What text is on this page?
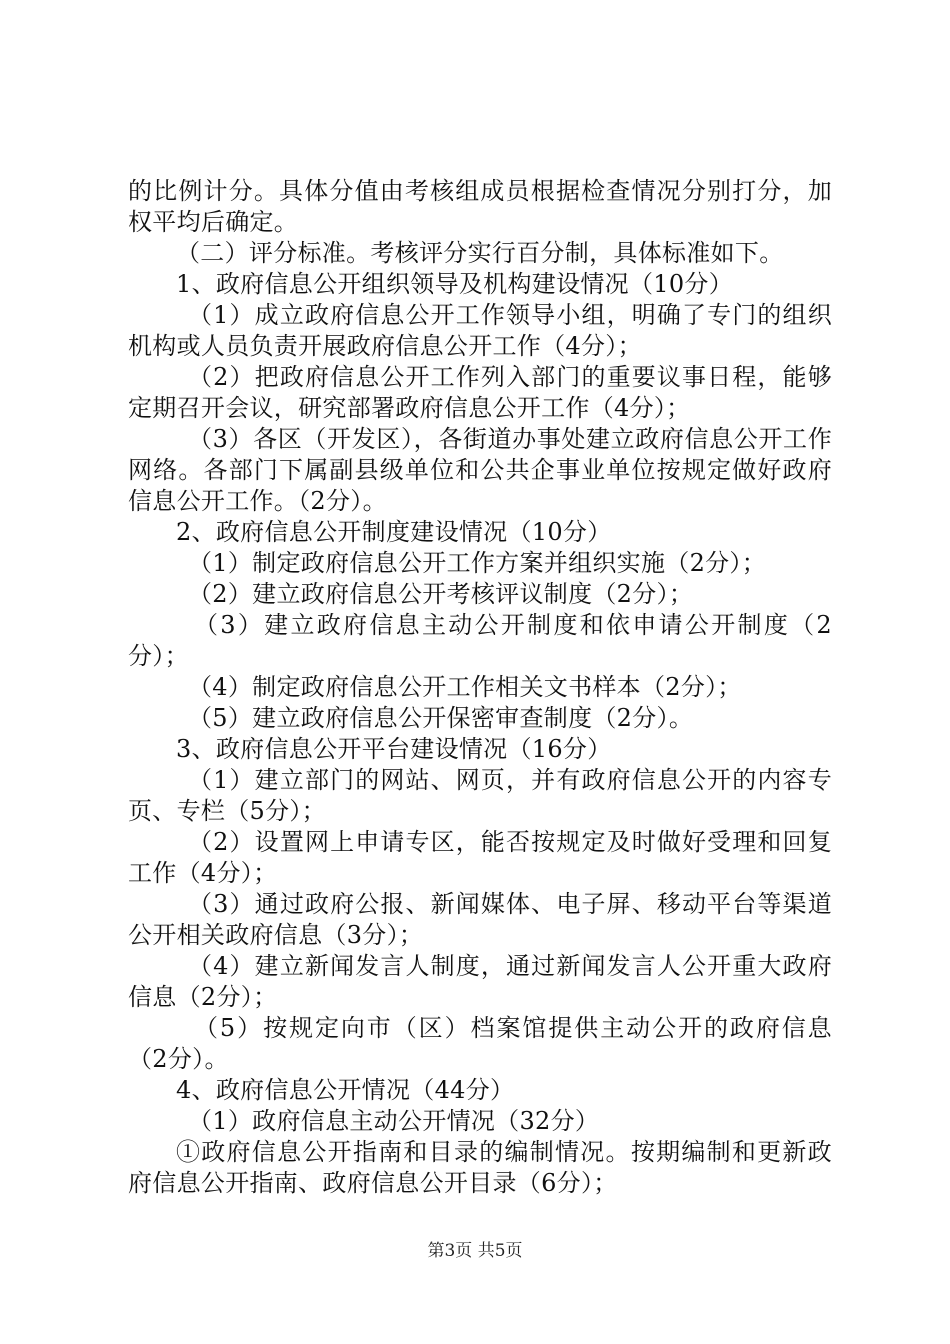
的比例计分。具体分值由考核组成员根据检查情况分别打分，加权平均后确定。

（二）评分标准。考核评分实行百分制，具体标准如下。

1、政府信息公开组织领导及机构建设情况（10分）

（1）成立政府信息公开工作领导小组，明确了专门的组织机构或人员负责开展政府信息公开工作（4分）；

（2）把政府信息公开工作列入部门的重要议事日程，能够定期召开会议，研究部署政府信息公开工作（4分）；

（3）各区（开发区），各街道办事处建立政府信息公开工作网络。各部门下属副县级单位和公共企事业单位按规定做好政府信息公开工作。（2分）。

2、政府信息公开制度建设情况（10分）

（1）制定政府信息公开工作方案并组织实施（2分）；

（2）建立政府信息公开考核评议制度（2分）；

（3）建立政府信息主动公开制度和依申请公开制度（2分）；

（4）制定政府信息公开工作相关文书样本（2分）；

（5）建立政府信息公开保密审查制度（2分）。

3、政府信息公开平台建设情况（16分）

（1）建立部门的网站、网页，并有政府信息公开的内容专页、专栏（5分）；

（2）设置网上申请专区，能否按规定及时做好受理和回复工作（4分）；

（3）通过政府公报、新闻媒体、电子屏、移动平台等渠道公开相关政府信息（3分）；

（4）建立新闻发言人制度，通过新闻发言人公开重大政府信息（2分）；

（5）按规定向市（区）档案馆提供主动公开的政府信息（2分）。

4、政府信息公开情况（44分）

（1）政府信息主动公开情况（32分）

①政府信息公开指南和目录的编制情况。按期编制和更新政府信息公开指南、政府信息公开目录（6分）；

第3页 共5页
